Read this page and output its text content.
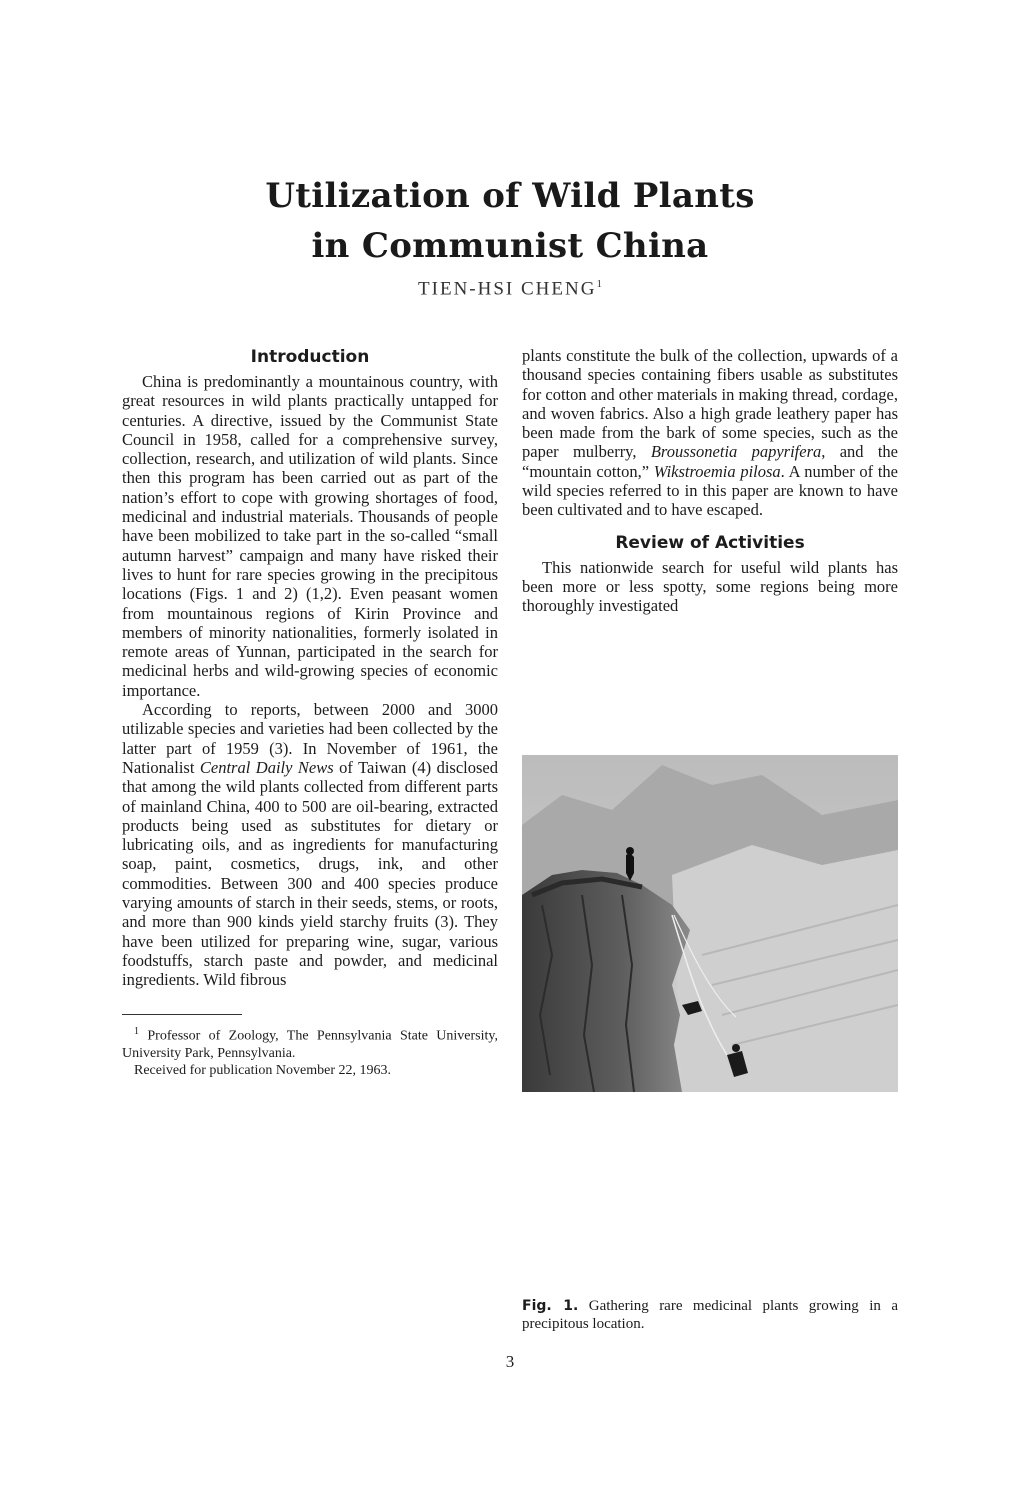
Utilization of Wild Plants
in Communist China
TIEN-HSI CHENG$^1$
Introduction

China is predominantly a mountainous country, with great resources in wild plants practically untapped for centuries. A directive, issued by the Communist State Council in 1958, called for a comprehensive survey, collection, research, and utilization of wild plants. Since then this program has been carried out as part of the nation’s effort to cope with growing shortages of food, medicinal and industrial materials. Thousands of people have been mobilized to take part in the so-called “small autumn harvest” campaign and many have risked their lives to hunt for rare species growing in the precipitous locations (Figs. 1 and 2) (1,2). Even peasant women from mountainous regions of Kirin Province and members of minority nationalities, formerly isolated in remote areas of Yunnan, participated in the search for medicinal herbs and wild-growing species of economic importance.

According to reports, between 2000 and 3000 utilizable species and varieties had been collected by the latter part of 1959 (3). In November of 1961, the Nationalist Central Daily News of Taiwan (4) disclosed that among the wild plants collected from different parts of mainland China, 400 to 500 are oil-bearing, extracted products being used as substitutes for dietary or lubricating oils, and as ingredients for manufacturing soap, paint, cosmetics, drugs, ink, and other commodities. Between 300 and 400 species produce varying amounts of starch in their seeds, stems, or roots, and more than 900 kinds yield starchy fruits (3). They have been utilized for preparing wine, sugar, various foodstuffs, starch paste and powder, and medicinal ingredients. Wild fibrous

$^1$ Professor of Zoology, The Pennsylvania State University, University Park, Pennsylvania.

Received for publication November 22, 1963.

plants constitute the bulk of the collection, upwards of a thousand species containing fibers usable as substitutes for cotton and other materials in making thread, cordage, and woven fabrics. Also a high grade leathery paper has been made from the bark of some species, such as the paper mulberry, Broussonetia papyrifera, and the “mountain cotton,” Wikstroemia pilosa. A number of the wild species referred to in this paper are known to have been cultivated and to have escaped.

Review of Activities

This nationwide search for useful wild plants has been more or less spotty, some regions being more thoroughly investigated

Fig. 1. Gathering rare medicinal plants growing in a precipitous location.
3
